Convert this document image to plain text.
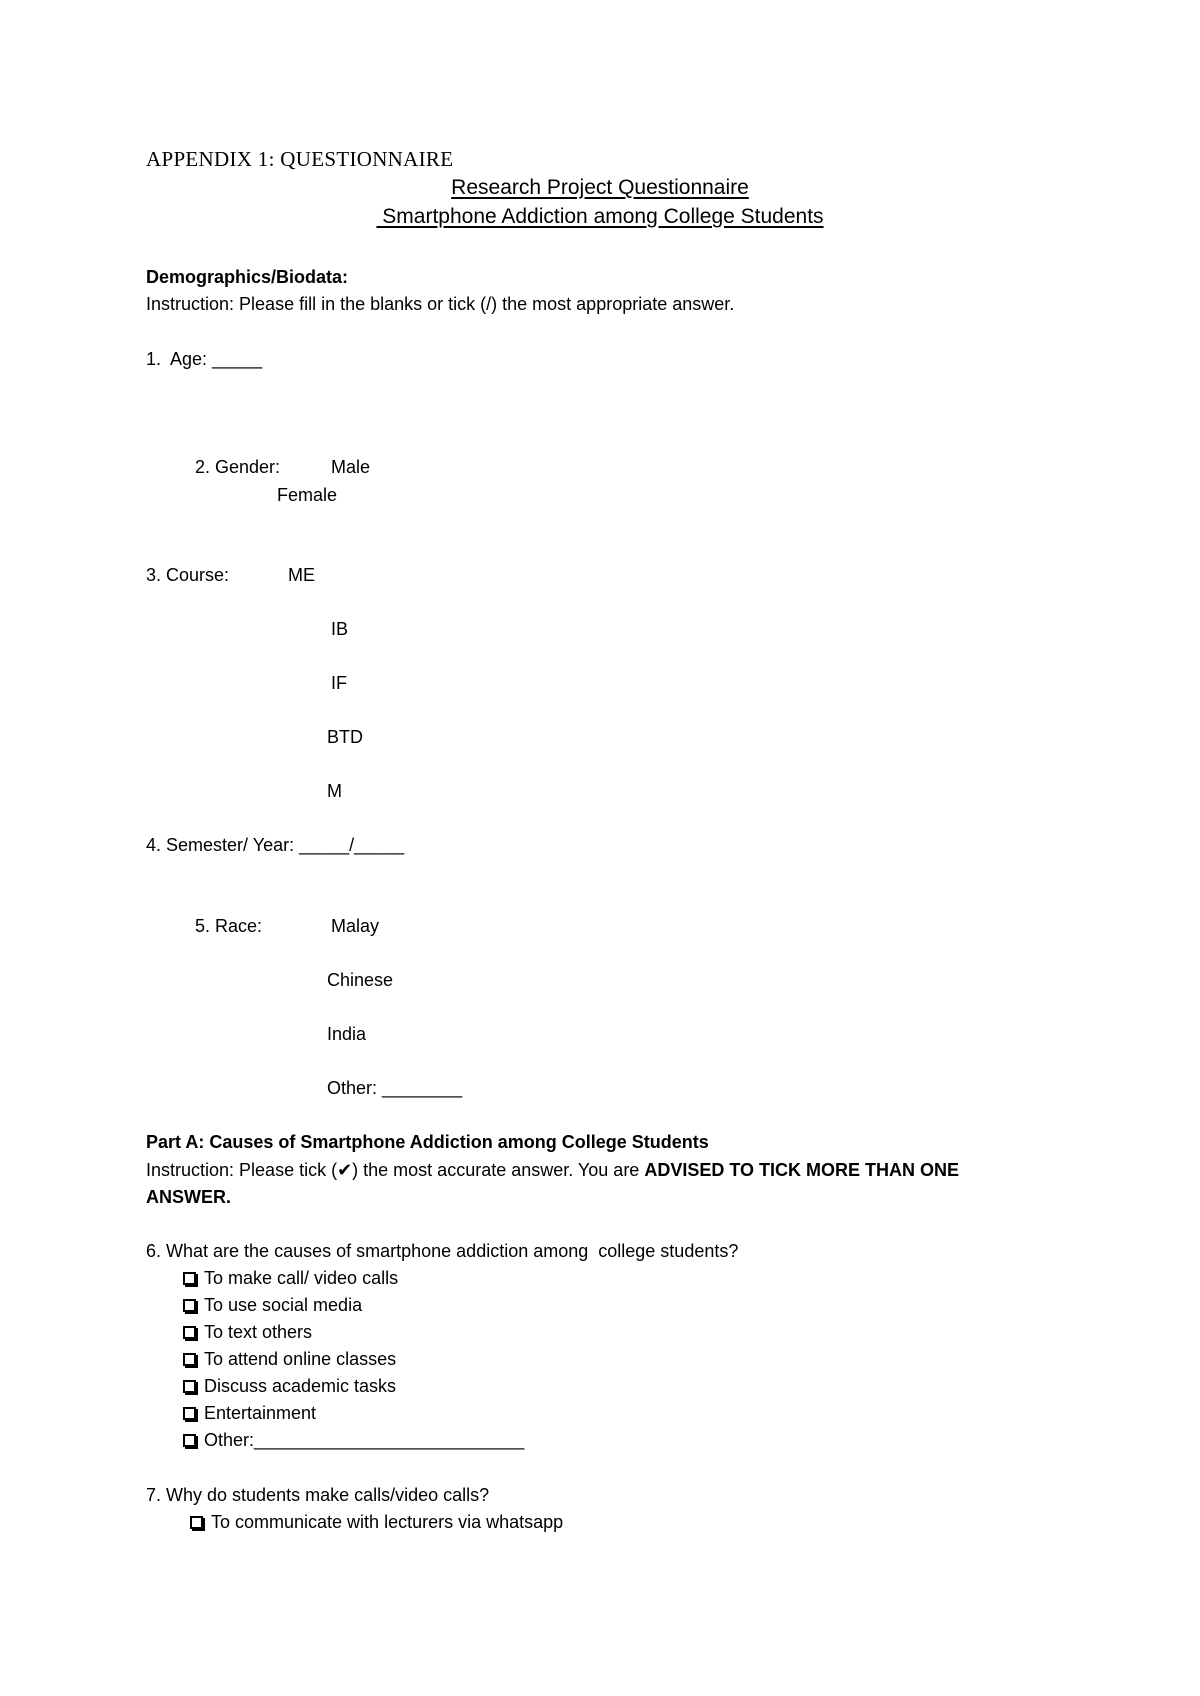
APPENDIX 1: QUESTIONNAIRE
Research Project Questionnaire
Smartphone Addiction among College Students
Demographics/Biodata:
Instruction: Please fill in the blanks or tick (/) the most appropriate answer.
1.  Age: _____
2. Gender:	Male
Female
3. Course:	ME
IB
IF
BTD
M
4. Semester/ Year: _____/_____
5. Race:	Malay
Chinese
India
Other: ________
Part A: Causes of Smartphone Addiction among College Students
Instruction: Please tick (✔) the most accurate answer. You are ADVISED TO TICK MORE THAN ONE
ANSWER.
6. What are the causes of smartphone addiction among  college students?
To make call/ video calls
To use social media
To text others
To attend online classes
Discuss academic tasks
Entertainment
Other:___________________________
7. Why do students make calls/video calls?
To communicate with lecturers via whatsapp
